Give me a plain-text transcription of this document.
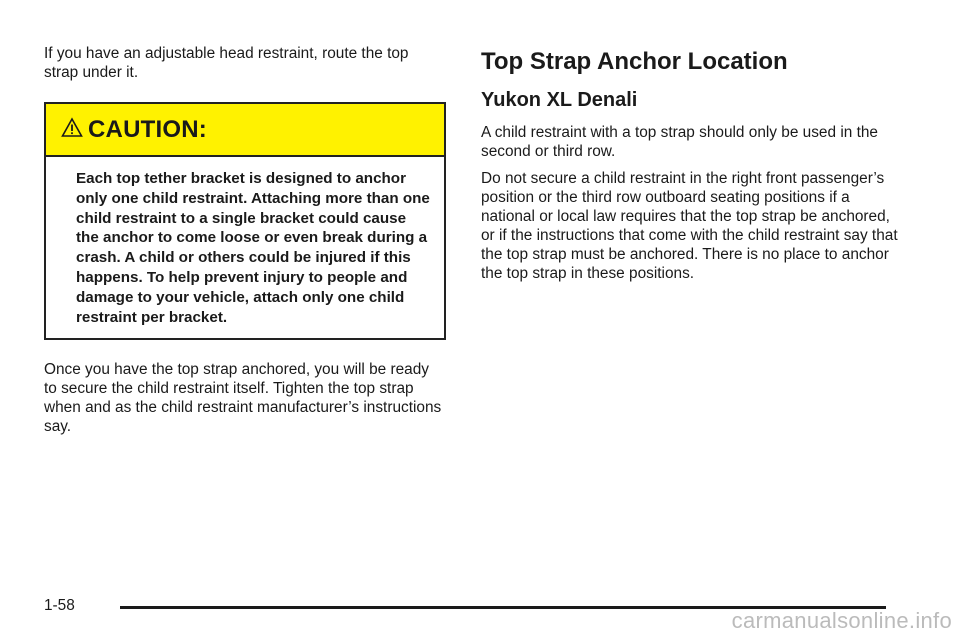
If you have an adjustable head restraint, route the top strap under it.

CAUTION:
Each top tether bracket is designed to anchor only one child restraint. Attaching more than one child restraint to a single bracket could cause the anchor to come loose or even break during a crash. A child or others could be injured if this happens. To help prevent injury to people and damage to your vehicle, attach only one child restraint per bracket.

Once you have the top strap anchored, you will be ready to secure the child restraint itself. Tighten the top strap when and as the child restraint manufacturer’s instructions say.

Top Strap Anchor Location
Yukon XL Denali

A child restraint with a top strap should only be used in the second or third row.

Do not secure a child restraint in the right front passenger’s position or the third row outboard seating positions if a national or local law requires that the top strap be anchored, or if the instructions that come with the child restraint say that the top strap must be anchored. There is no place to anchor the top strap in these positions.

1-58
carmanualsonline.info
